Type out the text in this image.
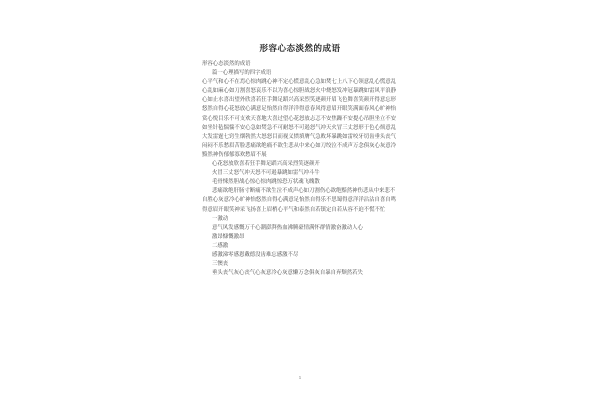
形容心态淡然的成语

形容心态淡然的成语

篇一心理描写的四字成语

心平气和心不在焉心惊肉跳心神不定心慌意乱心急如焚七上八下心领意乱心慌意乱心乱如麻心如刀割喜怒哀乐不以为喜心惊胆战怒火中烧怒发冲冠暴跳如雷风平浪静心如止水喜出望外欣喜若狂手舞足蹈兴高采烈笑逐颜开眉飞色舞喜笑颜开得意忘形悠然自得心花怒放心满意足怡然自得洋洋得意春风得意眉开眼笑满面春风心旷神怡赏心悦目乐不可支欢天喜地大喜过望心花怒放忐忑不安焦躁不安提心吊胆坐立不安如坐针毡惴惴不安心急如焚急不可耐怒不可遏怒气冲天火冒三丈怒形于色心烦意乱大发雷霆七窍生烟勃然大怒怒目而视义愤填膺气急败坏暴跳如雷咬牙切齿垂头丧气闷闷不乐愁眉苦脸悲痛欲绝痛不欲生悲从中来心如刀绞泣不成声万念俱灰心灰意冷黯然神伤郁郁寡欢愁眉不展

心花怒放欣喜若狂手舞足蹈兴高采烈笑逐颜开

火冒三丈怒气冲天怒不可遏暴跳如雷气冲斗牛

毛骨悚然胆战心惊心惊肉跳惊恐万状魂飞魄散

悲痛欲绝肝肠寸断痛不欲生泣不成声心如刀割伤心欲绝黯然神伤悲从中来悲不自胜心灰意冷心旷神怡悠然自得心满意足怡然自得乐不思蜀得意洋洋沾沾自喜自鸣得意眉开眼笑神采飞扬喜上眉梢心平气和泰然自若镇定自若从容不迫不慌不忙

一激动

意气风发感慨万千心潮澎湃热血沸腾豪情满怀群情激奋激动人心

激昂慷慨激昂

二感激

感激涕零感恩戴德没齿难忘感激不尽

三懊丧

垂头丧气灰心丧气心灰意冷心灰意懒万念俱灰自暴自弃颓然若失

1
